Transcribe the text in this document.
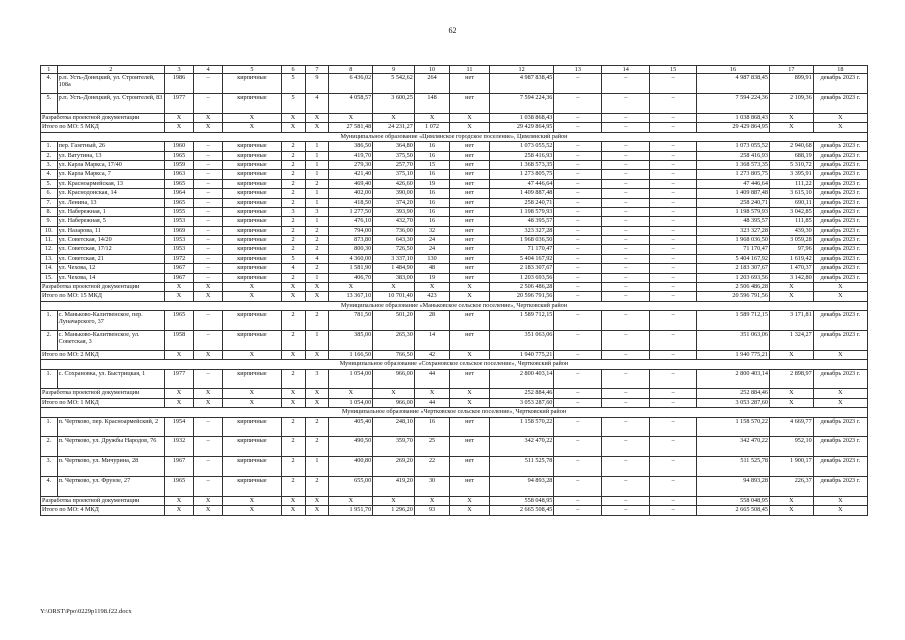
62
1	2	3	4	5	6	7	8	9	10	11	12	13	14	15	16	17	18
4.	р.п. Усть-Донецкий, ул. Строителей, 108а	1986	–	кирпичные	5	9	6 436,02	5 542,62	264	нет	4 987 838,45	–	–	–	4 987 838,45	899,91	декабрь 2023 г.
5.	р.п. Усть-Донецкий, ул. Строителей, 83	1977	–	кирпичные	5	4	4 058,57	3 600,25	148	нет	7 594 224,36	–	–	–	7 594 224,36	2 109,36	декабрь 2023 г.
Разработка проектной документации		Х	Х	Х	Х	Х	Х	Х	Х	Х	1 038 868,43	–	–	–	1 038 868,43	Х	Х
Итого по МО: 5 МКД		Х	Х	Х	Х	Х	27 581,48	24 231,27	1 072	Х	29 429 864,95	–	–	–	29 429 864,95	Х	Х
Муниципальное образование «Цимлянское городское поселение», Цимлянский район																	
1.	пер. Газетный, 26	1960	–	кирпичные	2	1	386,50	364,80	16	нет	1 073 055,52	–	–	–	1 073 055,52	2 940,68	декабрь 2023 г.
2.	ул. Ватутина, 13	1965	–	кирпичные	2	1	419,70	375,50	16	нет	258 416,93	–	–	–	258 416,93	688,19	декабрь 2023 г.
3.	ул. Карла Маркса, 17/40	1959	–	кирпичные	2	1	279,30	257,70	15	нет	1 368 573,35	–	–	–	1 368 573,35	5 310,72	декабрь 2023 г.
4.	ул. Карла Маркса, 7	1963	–	кирпичные	2	1	421,40	375,10	16	нет	1 273 805,75	–	–	–	1 273 805,75	3 395,91	декабрь 2023 г.
5.	ул. Красноармейская, 13	1965	–	кирпичные	2	2	469,40	426,60	19	нет	47 446,64	–	–	–	47 446,64	111,22	декабрь 2023 г.
6.	ул. Краснодонская, 14	1964	–	кирпичные	2	1	402,00	390,00	16	нет	1 409 887,48	–	–	–	1 409 887,48	3 615,10	декабрь 2023 г.
7.	ул. Ленина, 13	1965	–	кирпичные	2	1	418,50	374,20	16	нет	258 240,71	–	–	–	258 240,71	690,11	декабрь 2023 г.
8.	ул. Набережная, 1	1955	–	кирпичные	3	3	1 277,50	393,90	16	нет	1 198 579,93	–	–	–	1 198 579,93	3 042,85	декабрь 2023 г.
9.	ул. Набережная, 5	1953	–	кирпичные	2	1	476,10	432,70	16	нет	48 395,57	–	–	–	48 395,57	111,85	декабрь 2023 г.
10.	ул. Назарова, 11	1969	–	кирпичные	2	2	794,00	736,00	32	нет	323 327,28	–	–	–	323 327,28	439,30	декабрь 2023 г.
11.	ул. Советская, 14/20	1953	–	кирпичные	2	2	873,80	643,30	24	нет	1 968 036,50	–	–	–	1 968 036,50	3 059,28	декабрь 2023 г.
12.	ул. Советская, 17/12	1953	–	кирпичные	2	2	800,30	726,50	24	нет	71 170,47	–	–	–	71 170,47	97,96	декабрь 2023 г.
13.	ул. Советская, 21	1972	–	кирпичные	5	4	4 360,00	3 337,10	130	нет	5 404 167,92	–	–	–	5 404 167,92	1 619,42	декабрь 2023 г.
14.	ул. Чехова, 12	1967	–	кирпичные	4	2	1 581,90	1 484,90	48	нет	2 183 307,67	–	–	–	2 183 307,67	1 470,37	декабрь 2023 г.
15.	ул. Чехова, 14	1967	–	кирпичные	2	1	406,70	383,00	19	нет	1 203 693,56	–	–	–	1 203 693,56	3 142,80	декабрь 2023 г.
Разработка проектной документации		Х	Х	Х	Х	Х	Х	Х	Х	Х	2 506 486,28	–	–	–	2 506 486,28	Х	Х
Итого по МО: 15 МКД		Х	Х	Х	Х	Х	13 367,10	10 701,40	423	Х	20 596 791,56	–	–	–	20 596 791,56	Х	Х
Муниципальное образование «Маньковское сельское поселение», Чертковский район																	
1.	с. Маньково-Калитвенское, пер. Луначарского, 37	1965	–	кирпичные	2	2	781,50	501,20	28	нет	1 589 712,15	–	–	–	1 589 712,15	3 171,81	декабрь 2023 г.
2.	с. Маньково-Калитвенское, ул. Советская, 3	1958	–	кирпичные	2	1	385,00	265,30	14	нет	351 063,06	–	–	–	351 063,06	1 324,27	декабрь 2023 г.
Итого по МО: 2 МКД		Х	Х	Х	Х	Х	1 166,50	766,50	42	Х	1 940 775,21	–	–	–	1 940 775,21	Х	Х
Муниципальное образование «Сохрановское сельское поселение», Чертковский район																	
1.	с. Сохрановка, ул. Быстрицкая, 1	1977	–	кирпичные	2	3	1 054,00	966,00	44	нет	2 800 403,14	–	–	–	2 800 403,14	2 898,97	декабрь 2023 г.
Разработка проектной документации		Х	Х	Х	Х	Х	Х	Х	Х	Х	252 884,46	–	–	–	252 884,46	Х	Х
Итого по МО: 1 МКД		Х	Х	Х	Х	Х	1 054,00	966,00	44	Х	3 053 287,60	–	–	–	3 053 287,60	Х	Х
Муниципальное образование «Чертковское сельское поселение», Чертковский район																	
1.	п. Чертково, пер. Красноармейский, 2	1954	–	кирпичные	2	2	405,40	248,10	16	нет	1 158 570,22	–	–	–	1 158 570,22	4 669,77	декабрь 2023 г.
2.	п. Чертково, ул. Дружбы Народов, 76	1932	–	кирпичные	2	2	490,50	359,70	25	нет	342 470,22	–	–	–	342 470,22	952,10	декабрь 2023 г.
3.	п. Чертково, ул. Мичурина, 28	1967	–	кирпичные	2	1	400,80	269,20	22	нет	511 525,78	–	–	–	511 525,78	1 900,17	декабрь 2023 г.
4.	п. Чертково, ул. Фрунзе, 27	1965	–	кирпичные	2	2	655,00	419,20	30	нет	94 893,28	–	–	–	94 893,28	226,37	декабрь 2023 г.
Разработка проектной документации		Х	Х	Х	Х	Х	Х	Х	Х	Х	558 048,95	–	–	–	558 048,95	Х	Х
Итого по МО: 4 МКД		Х	Х	Х	Х	Х	1 951,70	1 296,20	93	Х	2 665 508,45	–	–	–	2 665 508,45	Х	Х
Y:\ORST\Ppo\0229p1198.f22.docx
